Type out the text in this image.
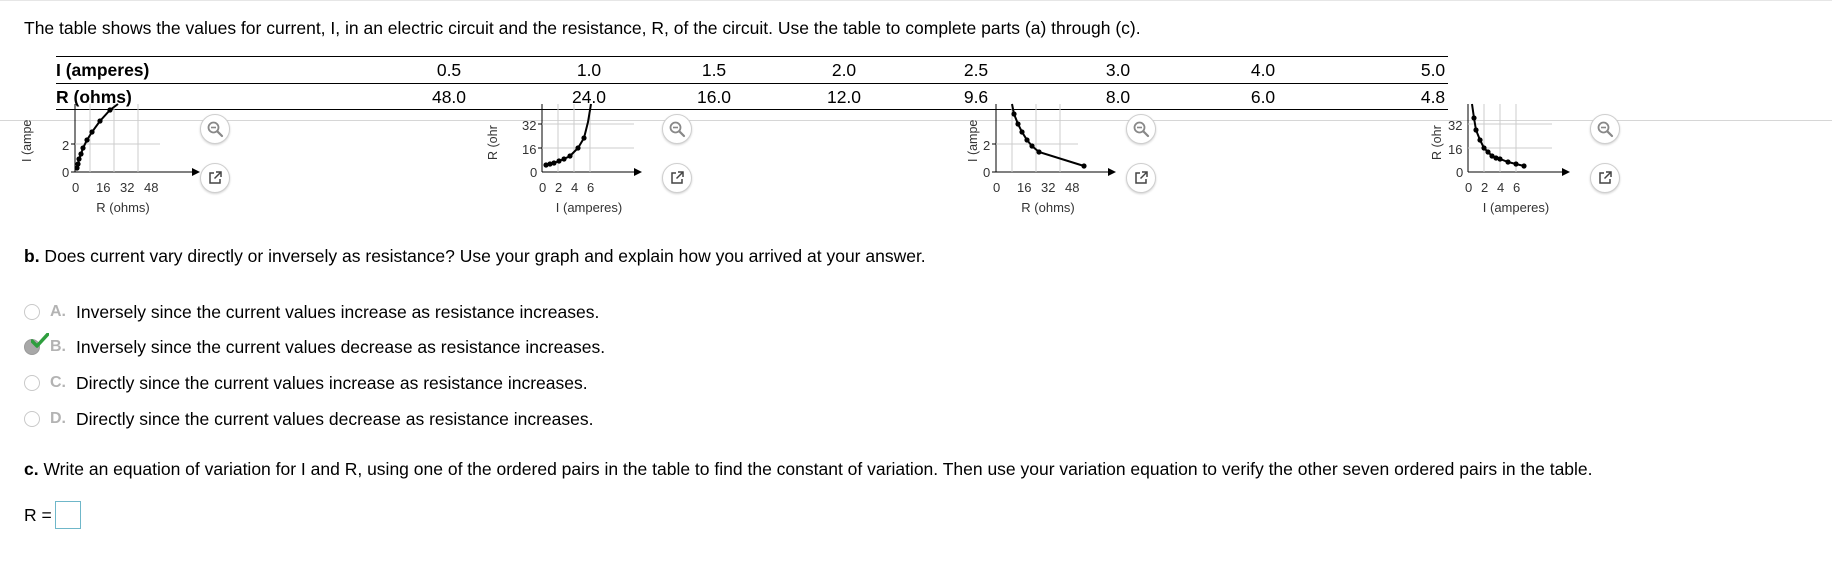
The table shows the values for current, I, in an electric circuit and the resistance, R, of the circuit. Use the table to complete parts (a) through (c).
I (amperes)	0.5	1.0	1.5	2.0	2.5	3.0	4.0	5.0
R (ohms)	48.0	24.0	16.0	12.0	9.6	8.0	6.0	4.8
I (ampe 2
0
0 16 32 48
R (ohms)
R (ohr 32
16
0
0 2 4 6
I (amperes)
I (ampe 2
0
0 16 32 48
R (ohms)
R (ohr 32
16
0
0 2 4 6
I (amperes)
b. Does current vary directly or inversely as resistance? Use your graph and explain how you arrived at your answer.
A. Inversely since the current values increase as resistance increases.
B. Inversely since the current values decrease as resistance increases.
C. Directly since the current values increase as resistance increases.
D. Directly since the current values decrease as resistance increases.
c. Write an equation of variation for I and R, using one of the ordered pairs in the table to find the constant of variation. Then use your variation equation to verify the other seven ordered pairs in the table.
R =
